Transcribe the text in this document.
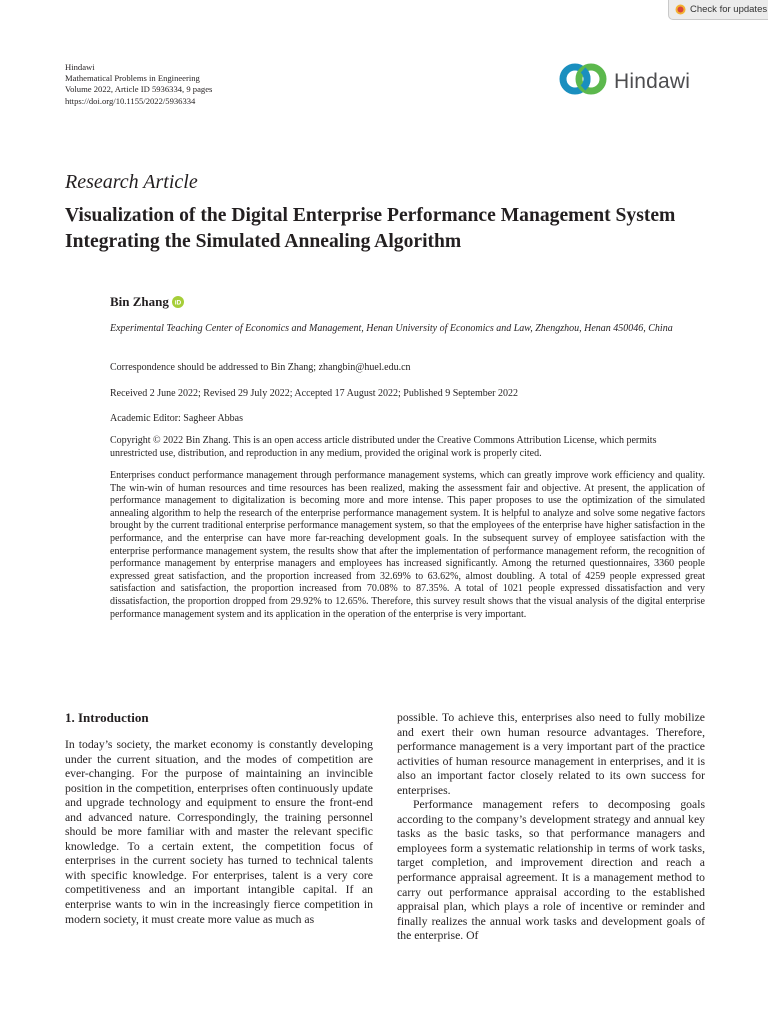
Check for updates
Hindawi
Mathematical Problems in Engineering
Volume 2022, Article ID 5936334, 9 pages
https://doi.org/10.1155/2022/5936334
Hindawi
Research Article
Visualization of the Digital Enterprise Performance Management System Integrating the Simulated Annealing Algorithm
Bin Zhang iD
Experimental Teaching Center of Economics and Management, Henan University of Economics and Law, Zhengzhou, Henan 450046, China
Correspondence should be addressed to Bin Zhang; zhangbin@huel.edu.cn
Received 2 June 2022; Revised 29 July 2022; Accepted 17 August 2022; Published 9 September 2022
Academic Editor: Sagheer Abbas
Copyright © 2022 Bin Zhang. This is an open access article distributed under the Creative Commons Attribution License, which permits unrestricted use, distribution, and reproduction in any medium, provided the original work is properly cited.
Enterprises conduct performance management through performance management systems, which can greatly improve work efficiency and quality. The win-win of human resources and time resources has been realized, making the assessment fair and objective. At present, the application of performance management to digitalization is becoming more and more intense. This paper proposes to use the optimization of the simulated annealing algorithm to help the research of the enterprise performance management system. It is helpful to analyze and solve some negative factors brought by the current traditional enterprise performance management system, so that the employees of the enterprise have higher satisfaction in the performance, and the enterprise can have more far-reaching development goals. In the subsequent survey of employee satisfaction with the enterprise performance management system, the results show that after the implementation of performance management reform, the recognition of performance management by enterprise managers and employees has increased significantly. Among the returned questionnaires, 3360 people expressed great satisfaction, and the proportion increased from 32.69% to 63.62%, almost doubling. A total of 4259 people expressed great satisfaction and satisfaction, the proportion increased from 70.08% to 87.35%. A total of 1021 people expressed dissatisfaction and very dissatisfaction, the proportion dropped from 29.92% to 12.65%. Therefore, this survey result shows that the visual analysis of the digital enterprise performance management system and its application in the operation of the enterprise is very important.
1. Introduction

In today’s society, the market economy is constantly developing under the current situation, and the modes of competition are ever-changing. For the purpose of maintaining an invincible position in the competition, enterprises often continuously update and upgrade technology and equipment to ensure the front-end and advanced nature. Correspondingly, the training personnel should be more familiar with and master the relevant specific knowledge. To a certain extent, the competition focus of enterprises in the current society has turned to technical talents with specific knowledge. For enterprises, talent is a very core competitiveness and an important intangible capital. If an enterprise wants to win in the increasingly fierce competition in modern society, it must create more value as much as

possible. To achieve this, enterprises also need to fully mobilize and exert their own human resource advantages. Therefore, performance management is a very important part of the practice activities of human resource management in enterprises, and it is also an important factor closely related to its own success for enterprises.

Performance management refers to decomposing goals according to the company’s development strategy and annual key tasks as the basic tasks, so that performance managers and employees form a systematic relationship in terms of work tasks, target completion, and improvement direction and reach a performance appraisal agreement. It is a management method to carry out performance appraisal according to the established appraisal plan, which plays a role of incentive or reminder and finally realizes the annual work tasks and development goals of the enterprise. Of
